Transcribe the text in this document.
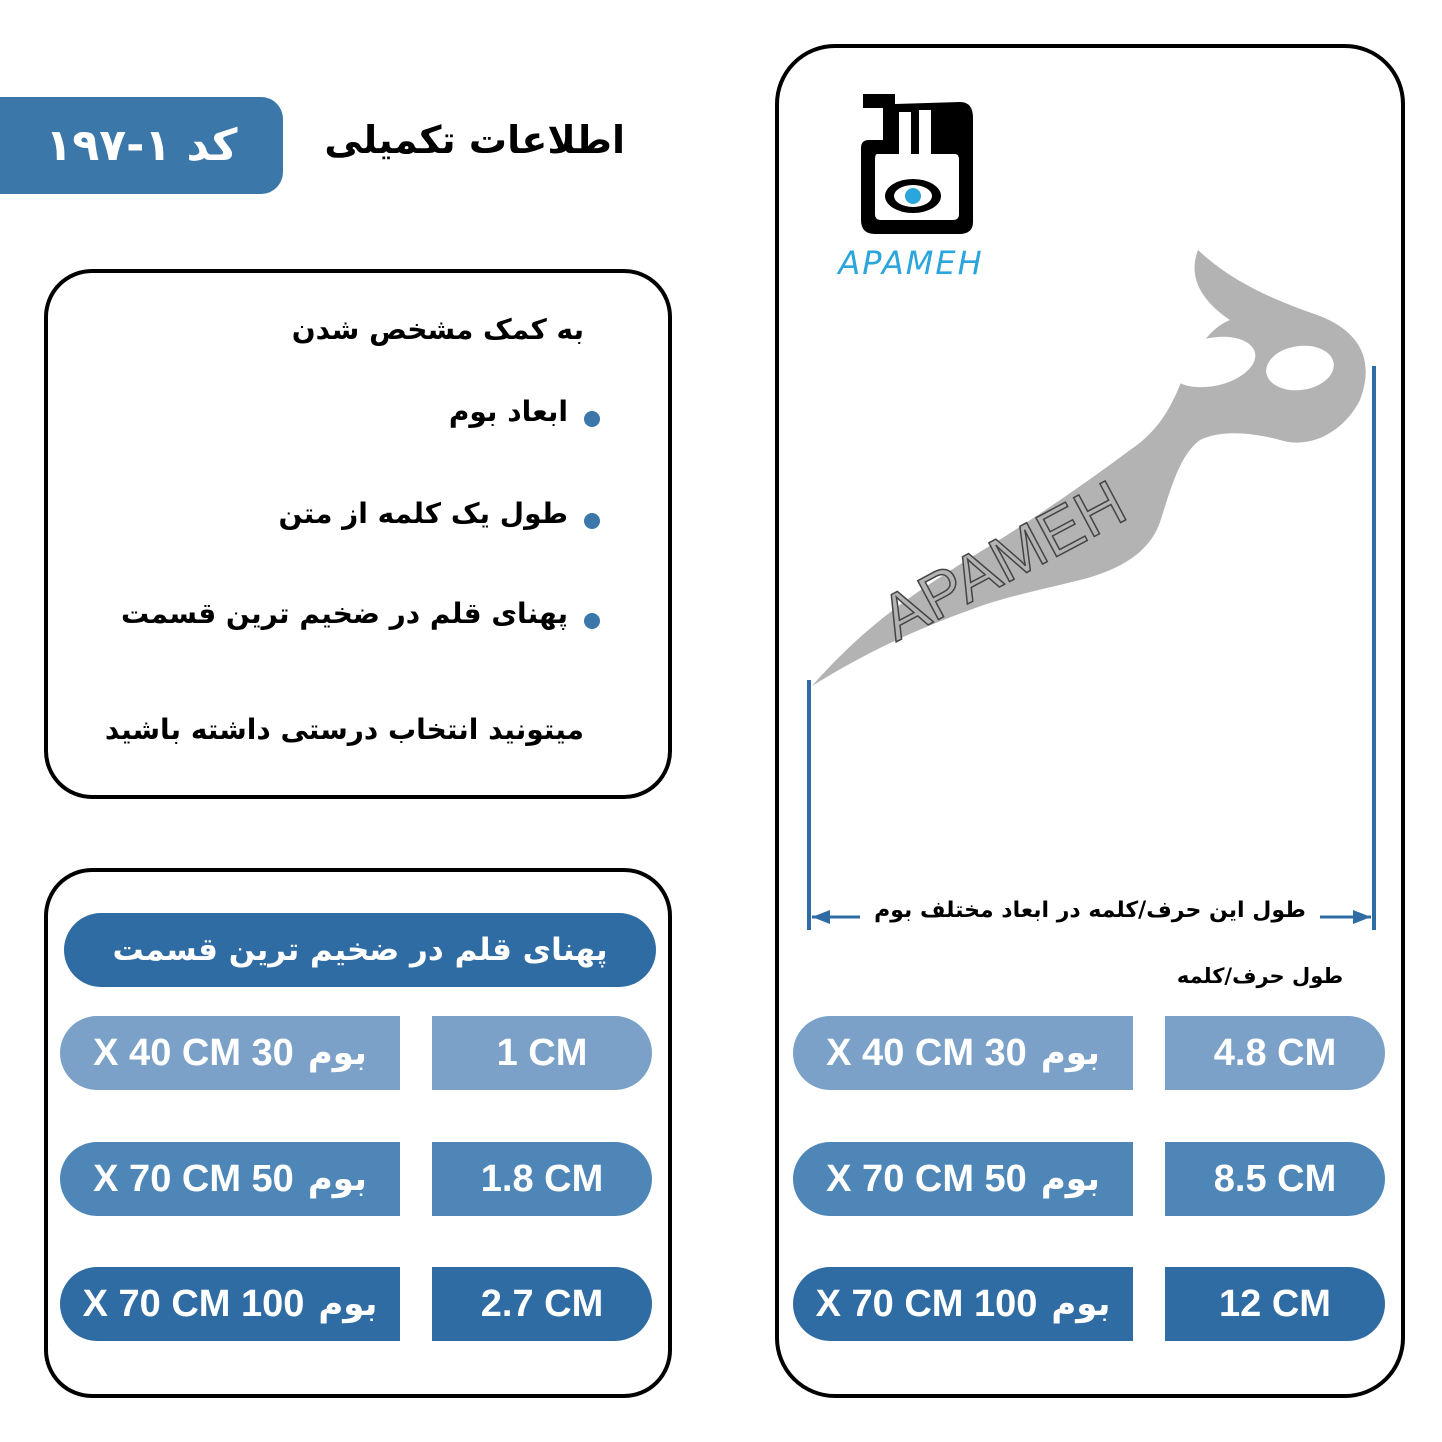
کد ۱-۱۹۷ اطلاعات تکمیلی
به کمک مشخص شدن
ابعاد بوم
طول یک کلمه از متن
پهنای قلم در ضخیم ترین قسمت
میتونید انتخاب درستی داشته باشید
پهنای قلم در ضخیم ترین قسمت
بوم
30 X 40 CM	1 CM
بوم
50 X 70 CM	1.8 CM
بوم
100 X 70 CM	2.7 CM
APAMEH
APAMEH
طول این حرف/کلمه در ابعاد مختلف بوم
طول حرف/کلمه
بوم
30 X 40 CM	4.8 CM
بوم
50 X 70 CM	8.5 CM
بوم
100 X 70 CM	12 CM
